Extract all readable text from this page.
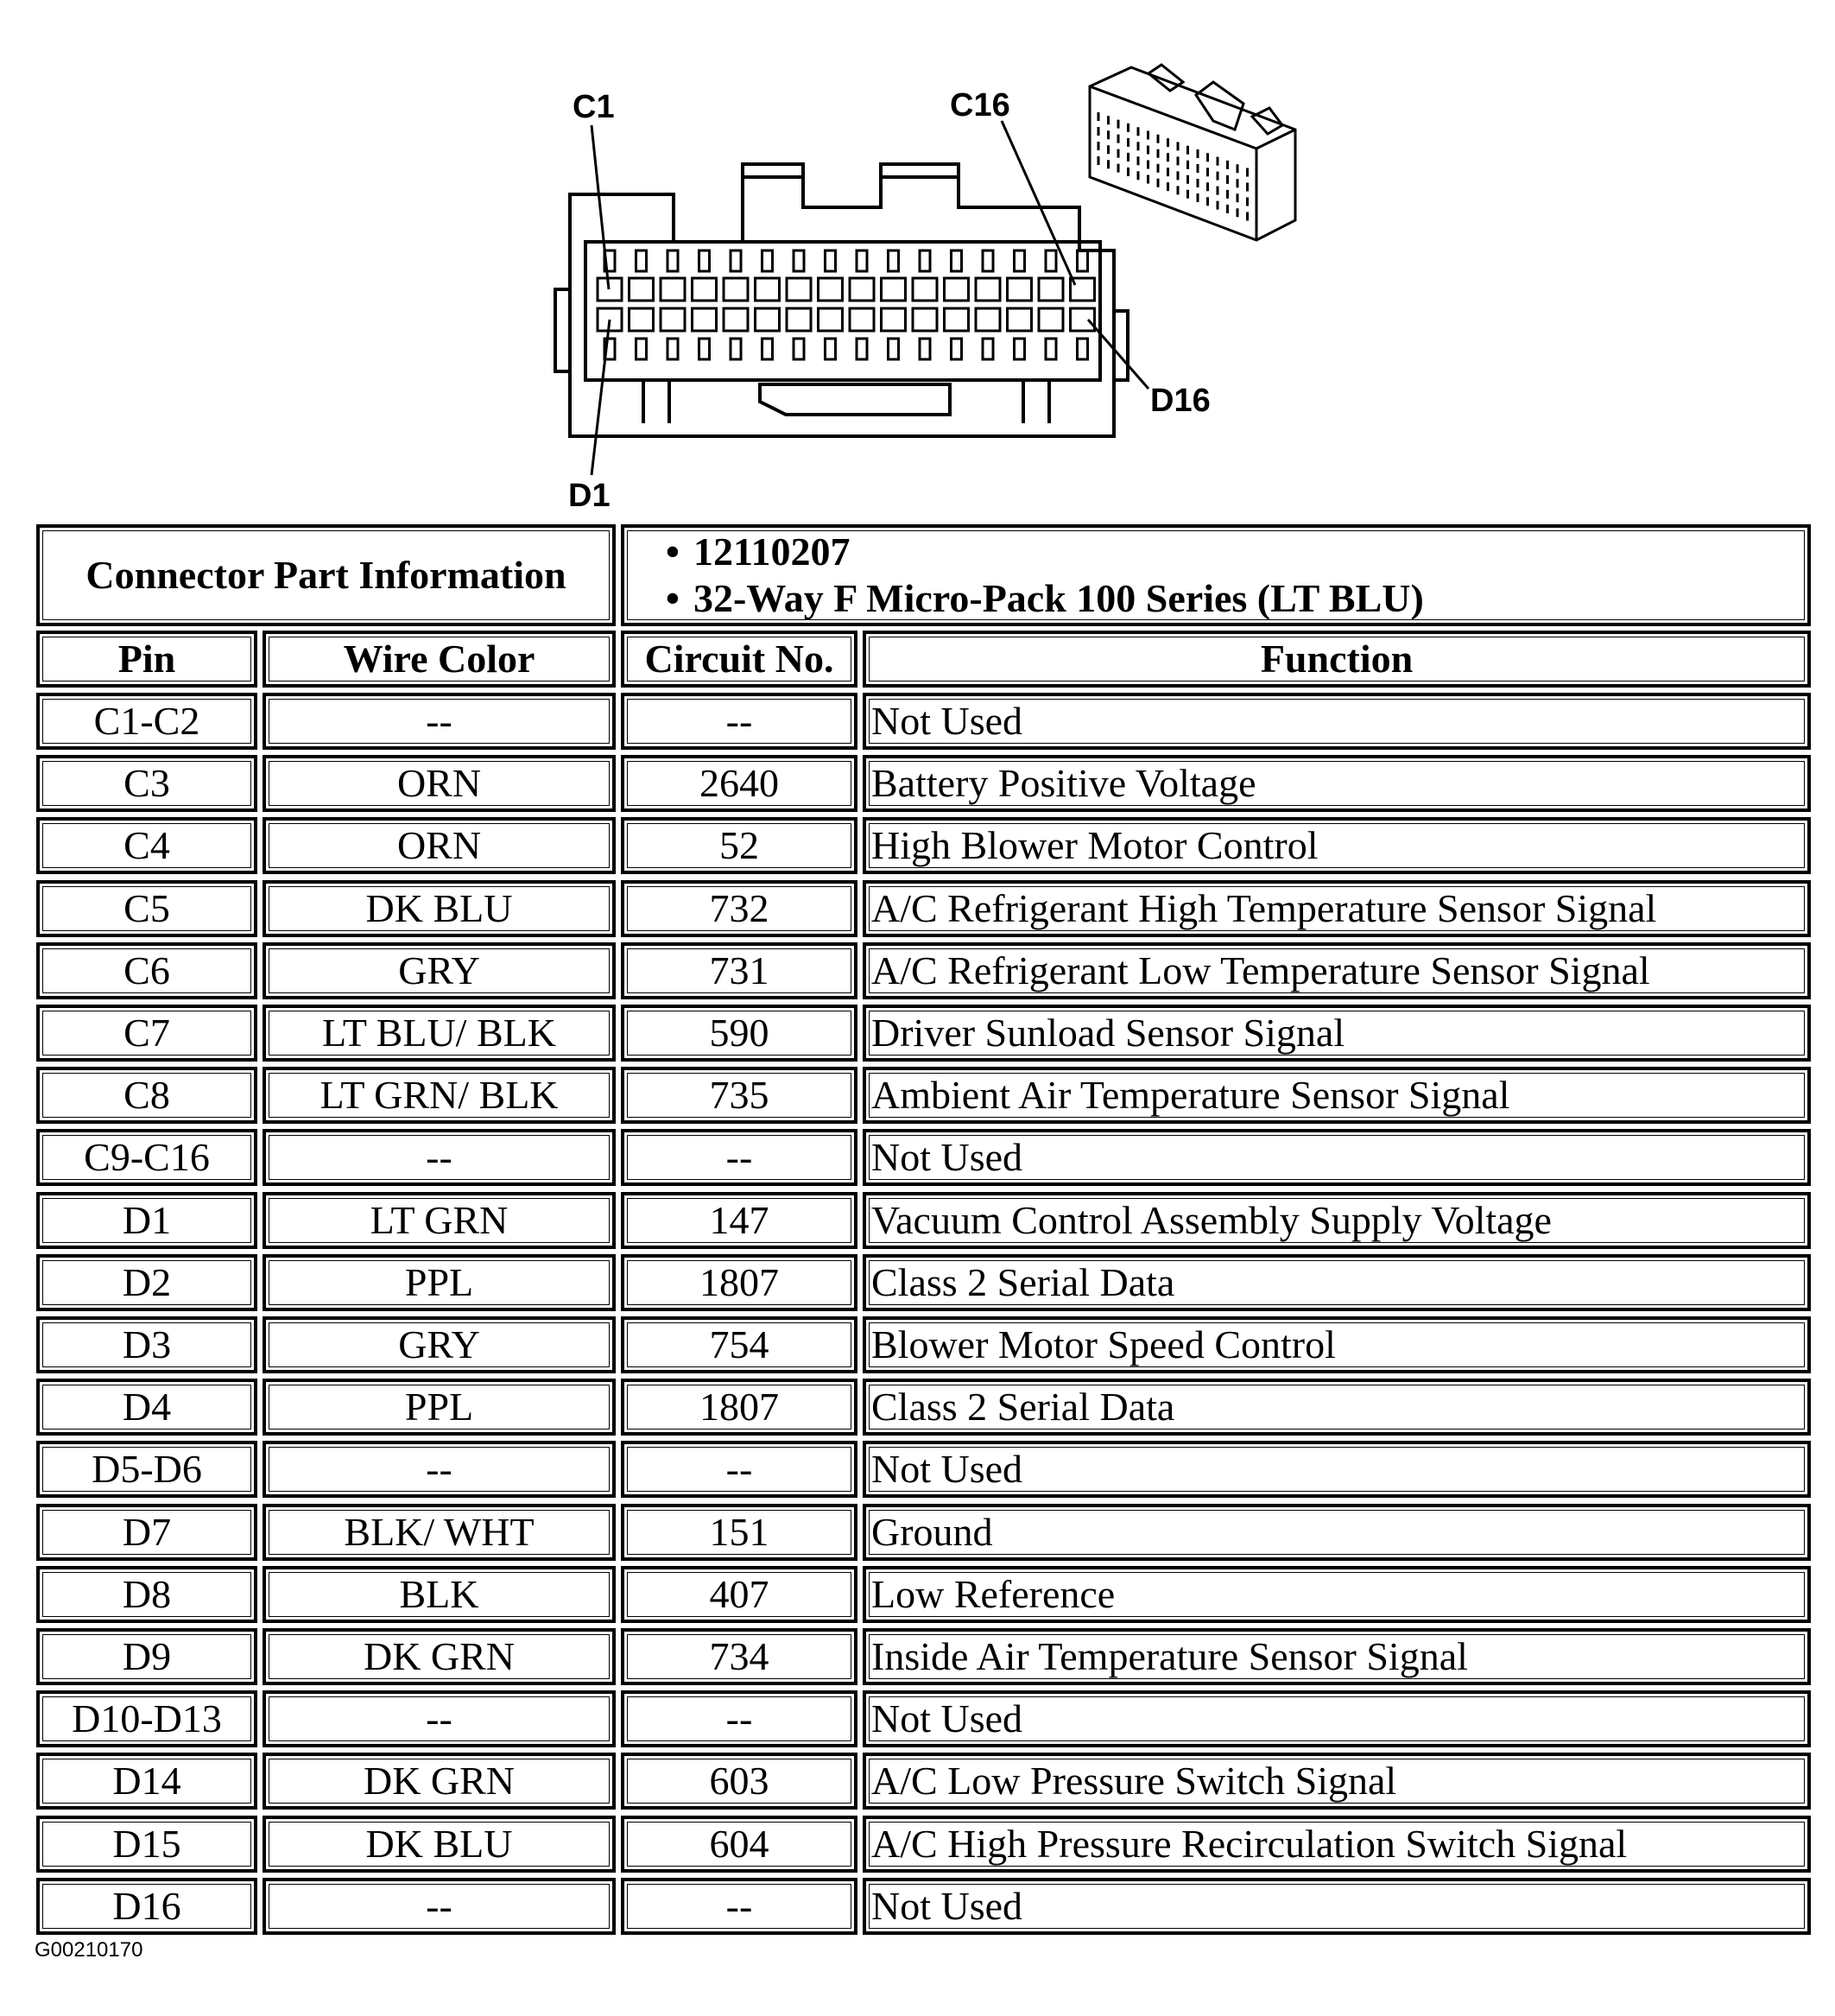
C1	C16
D16
D1
Connector Part Information
• 12110207
• 32-Way F Micro-Pack 100 Series (LT BLU)
Pin	Wire Color	Circuit No.	Function
C1-C2	--	--	Not Used
C3	ORN	2640 Battery Positive Voltage
C4	ORN	52	High Blower Motor Control
C5	DK BLU	732	A/C Refrigerant High Temperature Sensor Signal
C6	GRY	731	A/C Refrigerant Low Temperature Sensor Signal
C7	LT BLU/ BLK	590	Driver Sunload Sensor Signal
C8	LT GRN/ BLK	735	Ambient Air Temperature Sensor Signal
C9-C16	--	--	Not Used
D1	LT GRN	147	Vacuum Control Assembly Supply Voltage
D2	PPL	1807 Class 2 Serial Data
D3	GRY	754	Blower Motor Speed Control
D4	PPL	1807 Class 2 Serial Data
D5-D6	--	--	Not Used
D7	BLK/ WHT	151	Ground
D8	BLK	407	Low Reference
D9	DK GRN	734	Inside Air Temperature Sensor Signal
D10-D13	--	--	Not Used
D14	DK GRN	603	A/C Low Pressure Switch Signal
D15	DK BLU	604	A/C High Pressure Recirculation Switch Signal
D16	--	--	Not Used
G00210170
